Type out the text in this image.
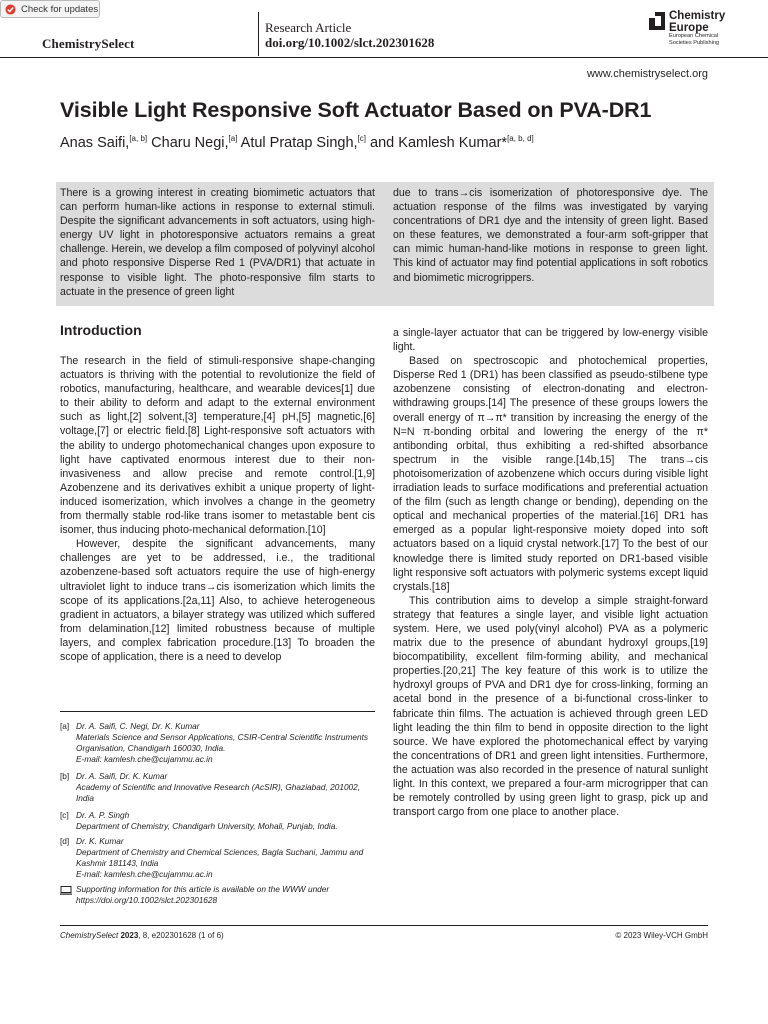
Check for updates
ChemistrySelect
Research Article
doi.org/10.1002/slct.202301628
Chemistry
Europe
European Chemical Societies Publishing
www.chemistryselect.org
Visible Light Responsive Soft Actuator Based on PVA-DR1
Anas Saifi,[a, b] Charu Negi,[a] Atul Pratap Singh,[c] and Kamlesh Kumar*[a, b, d]
There is a growing interest in creating biomimetic actuators that can perform human-like actions in response to external stimuli. Despite the significant advancements in soft actuators, using high-energy UV light in photoresponsive actuators remains a great challenge. Herein, we develop a film composed of polyvinyl alcohol and photo responsive Disperse Red 1 (PVA/DR1) that actuate in response to visible light. The photo-responsive film starts to actuate in the presence of green light
due to trans→cis isomerization of photoresponsive dye. The actuation response of the films was investigated by varying concentrations of DR1 dye and the intensity of green light. Based on these features, we demonstrated a four-arm soft-gripper that can mimic human-hand-like motions in response to green light. This kind of actuator may find potential applications in soft robotics and biomimetic microgrippers.
Introduction

The research in the field of stimuli-responsive shape-changing actuators is thriving with the potential to revolutionize the field of robotics, manufacturing, healthcare, and wearable devices[1] due to their ability to deform and adapt to the external environment such as light,[2] solvent,[3] temperature,[4] pH,[5] magnetic,[6] voltage,[7] or electric field.[8] Light-responsive soft actuators with the ability to undergo photomechanical changes upon exposure to light have captivated enormous interest due to their non-invasiveness and allow precise and remote control.[1,9] Azobenzene and its derivatives exhibit a unique property of light-induced isomerization, which involves a change in the geometry from thermally stable rod-like trans isomer to metastable bent cis isomer, thus inducing photo-mechanical deformation.[10]

However, despite the significant advancements, many challenges are yet to be addressed, i.e., the traditional azobenzene-based soft actuators require the use of high-energy ultraviolet light to induce trans→cis isomerization which limits the scope of its applications.[2a,11] Also, to achieve heterogeneous gradient in actuators, a bilayer strategy was utilized which suffered from delamination,[12] limited robustness because of multiple layers, and complex fabrication procedure.[13] To broaden the scope of application, there is a need to develop

a single-layer actuator that can be triggered by low-energy visible light.

Based on spectroscopic and photochemical properties, Disperse Red 1 (DR1) has been classified as pseudo-stilbene type azobenzene consisting of electron-donating and electron-withdrawing groups.[14] The presence of these groups lowers the overall energy of π→π* transition by increasing the energy of the N=N π-bonding orbital and lowering the energy of the π* antibonding orbital, thus exhibiting a red-shifted absorbance spectrum in the visible range.[14b,15] The trans→cis photoisomerization of azobenzene which occurs during visible light irradiation leads to surface modifications and preferential actuation of the film (such as length change or bending), depending on the optical and mechanical properties of the material.[16] DR1 has emerged as a popular light-responsive moiety doped into soft actuators based on a liquid crystal network.[17] To the best of our knowledge there is limited study reported on DR1-based visible light responsive soft actuators with polymeric systems except liquid crystals.[18]

This contribution aims to develop a simple straight-forward strategy that features a single layer, and visible light actuation system. Here, we used poly(vinyl alcohol) PVA as a polymeric matrix due to the presence of abundant hydroxyl groups,[19] biocompatibility, excellent film-forming ability, and mechanical properties.[20,21] The key feature of this work is to utilize the hydroxyl groups of PVA and DR1 dye for cross-linking, forming an acetal bond in the presence of a bi-functional cross-linker to fabricate thin films. The actuation is achieved through green LED light leading the thin film to bend in opposite direction to the light source. We have explored the photomechanical effect by varying the concentrations of DR1 and green light intensities. Furthermore, the actuation was also recorded in the presence of natural sunlight light. In this context, we prepared a four-arm microgripper that can be remotely controlled by using green light to grasp, pick up and transport cargo from one place to another place.

[a] Dr. A. Saifi, C. Negi, Dr. K. Kumar
Materials Science and Sensor Applications, CSIR-Central Scientific Instruments Organisation, Chandigarh 160030, India.
E-mail: kamlesh.che@cujammu.ac.in
[b] Dr. A. Saifi, Dr. K. Kumar
Academy of Scientific and Innovative Research (AcSIR), Ghaziabad, 201002, India
[c] Dr. A. P. Singh
Department of Chemistry, Chandigarh University, Mohali, Punjab, India.
[d] Dr. K. Kumar
Department of Chemistry and Chemical Sciences, Bagla Suchani, Jammu and Kashmir 181143, India
E-mail: kamlesh.che@cujammu.ac.in
Supporting information for this article is available on the WWW under https://doi.org/10.1002/slct.202301628
ChemistrySelect 2023, 8, e202301628 (1 of 6)	© 2023 Wiley-VCH GmbH
